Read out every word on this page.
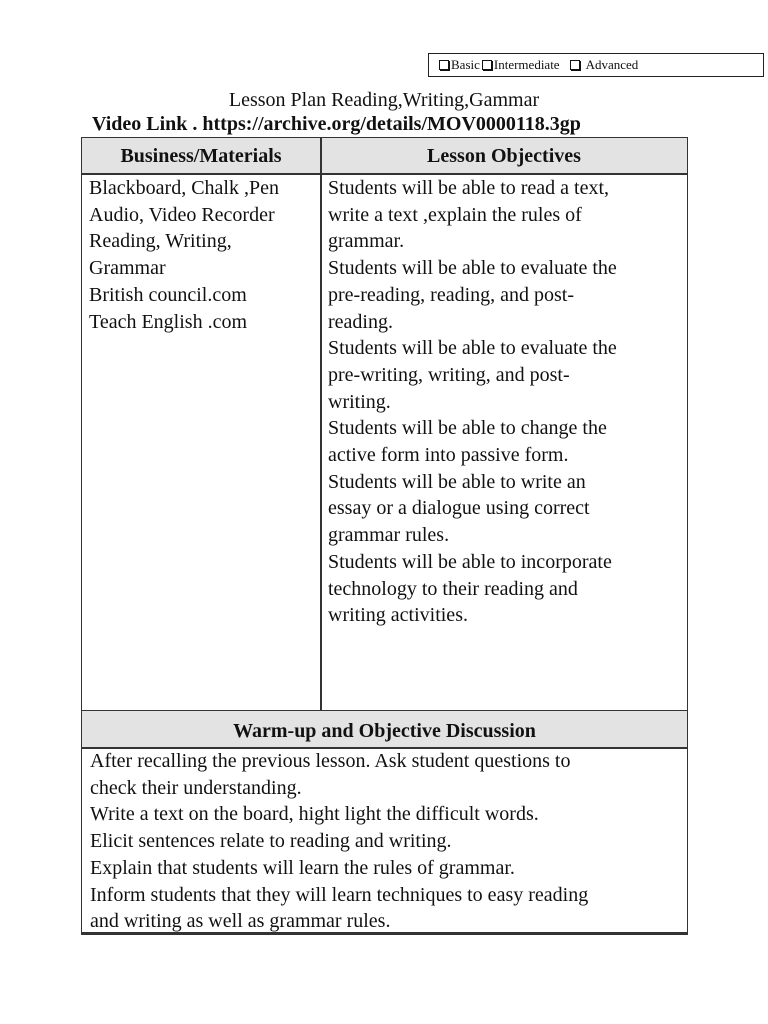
Basic Intermediate Advanced
Lesson Plan Reading,Writing,Gammar
Video Link . https://archive.org/details/MOV0000118.3gp
Business/Materials	Lesson Objectives
Blackboard, Chalk ,Pen
Audio, Video Recorder
Reading, Writing,
Grammar
British council.com
Teach English .com
Students will be able to read a text,
write a text ,explain the rules of
grammar.
Students will be able to evaluate the
pre-reading, reading, and post-
reading.
Students will be able to evaluate the
pre-writing, writing, and post-
writing.
Students will be able to change the
active form into passive form.
Students will be able to write an
essay or a dialogue using correct
grammar rules.
Students will be able to incorporate
technology to their reading and
writing activities.
Warm-up and Objective Discussion
After recalling the previous lesson. Ask student questions to
check their understanding.
Write a text on the board, hight light the difficult words.
Elicit sentences relate to reading and writing.
Explain that students will learn the rules of grammar.
Inform students that they will learn techniques to easy reading
and writing as well as grammar rules.
